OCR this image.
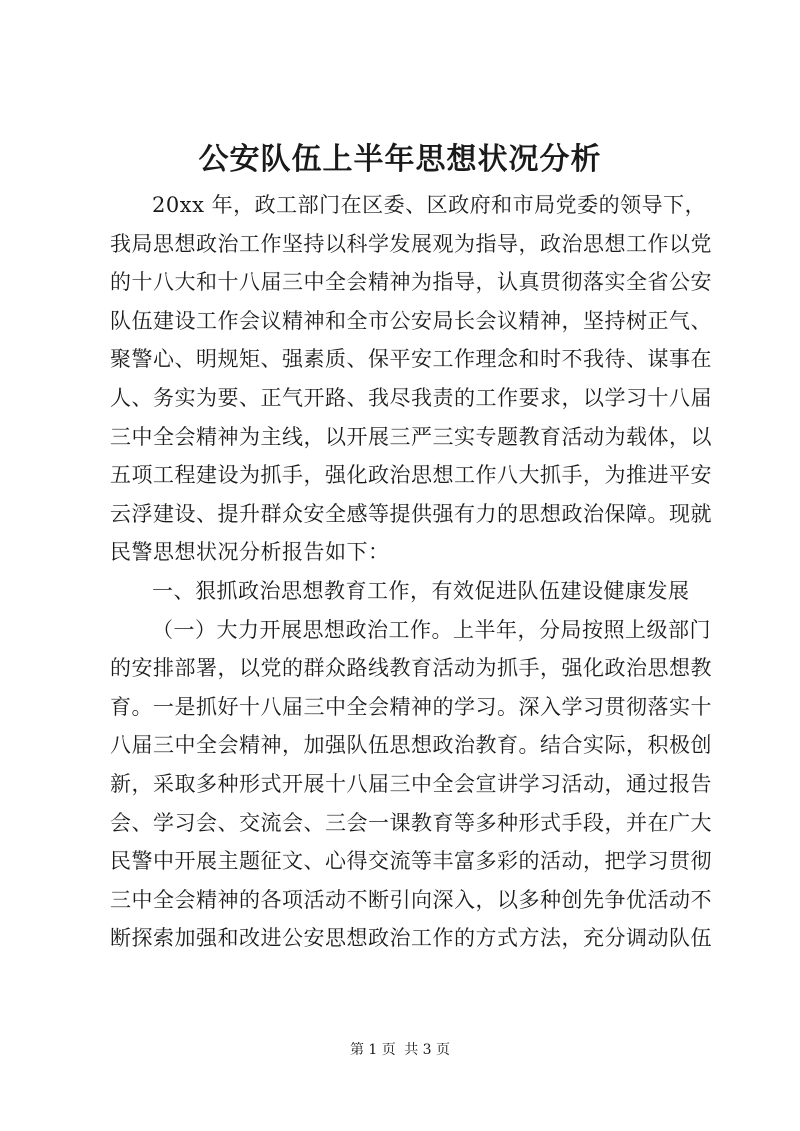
公安队伍上半年思想状况分析
20xx 年，政工部门在区委、区政府和市局党委的领导下，
我局思想政治工作坚持以科学发展观为指导，政治思想工作以党
的十八大和十八届三中全会精神为指导，认真贯彻落实全省公安
队伍建设工作会议精神和全市公安局长会议精神，坚持树正气、
聚警心、明规矩、强素质、保平安工作理念和时不我待、谋事在
人、务实为要、正气开路、我尽我责的工作要求，以学习十八届
三中全会精神为主线，以开展三严三实专题教育活动为载体，以
五项工程建设为抓手，强化政治思想工作八大抓手，为推进平安
云浮建设、提升群众安全感等提供强有力的思想政治保障。现就
民警思想状况分析报告如下：
一、狠抓政治思想教育工作，有效促进队伍建设健康发展
（一）大力开展思想政治工作。上半年，分局按照上级部门
的安排部署，以党的群众路线教育活动为抓手，强化政治思想教
育。一是抓好十八届三中全会精神的学习。深入学习贯彻落实十
八届三中全会精神，加强队伍思想政治教育。结合实际，积极创
新，采取多种形式开展十八届三中全会宣讲学习活动，通过报告
会、学习会、交流会、三会一课教育等多种形式手段，并在广大
民警中开展主题征文、心得交流等丰富多彩的活动，把学习贯彻
三中全会精神的各项活动不断引向深入，以多种创先争优活动不
断探索加强和改进公安思想政治工作的方式方法，充分调动队伍
第 1 页 共 3 页
